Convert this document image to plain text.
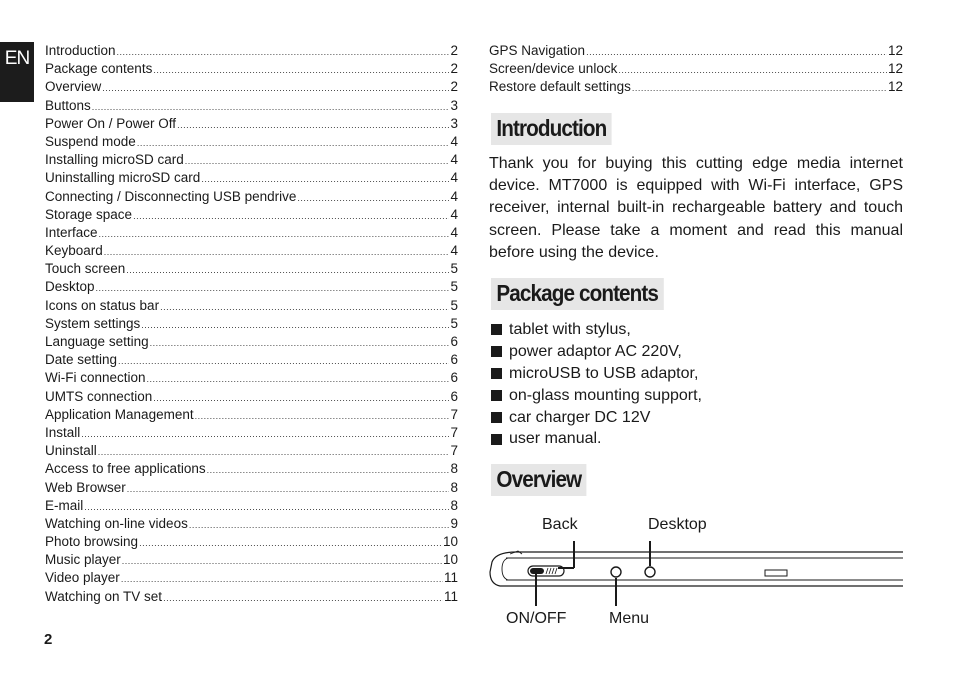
EN Introduction .....	2
Package contents .....	2
Overview .....	2
Buttons .....	3
Power On / Power Off .....	3
Suspend mode .....	4
Installing microSD card .....	4
Uninstalling microSD card .....	4
Connecting / Disconnecting USB pendrive .....	4
Storage space .....	4
Interface .....	4
Keyboard .....	4
Touch screen .....	5
Desktop .....	5
Icons on status bar .....	5
System settings .....	5
Language setting .....	6
Date setting .....	6
Wi-Fi connection .....	6
UMTS connection .....	6
Application Management .....	7
Install .....	7
Uninstall .....	7
Access to free applications .....	8
Web Browser .....	8
E-mail .....	8
Watching on-line videos .....	9
Photo browsing .....	10
Music player .....	10
Video player .....	11
Watching on TV set .....	11
GPS Navigation .....	12
Screen/device unlock .....	12
Restore default settings .....	12
2
Introduction

Thank you for buying this cutting edge media internet device. MT7000 is equipped with Wi-Fi interface, GPS receiver, internal built-in rechargeable battery and touch screen. Please take a moment and read this manual before using the device.

Package contents
tablet with stylus,
power adaptor AC 220V,
microUSB to USB adaptor,
on-glass mounting support,
car charger DC 12V
user manual.
Overview
Back	Desktop
ON/OFF	Menu
